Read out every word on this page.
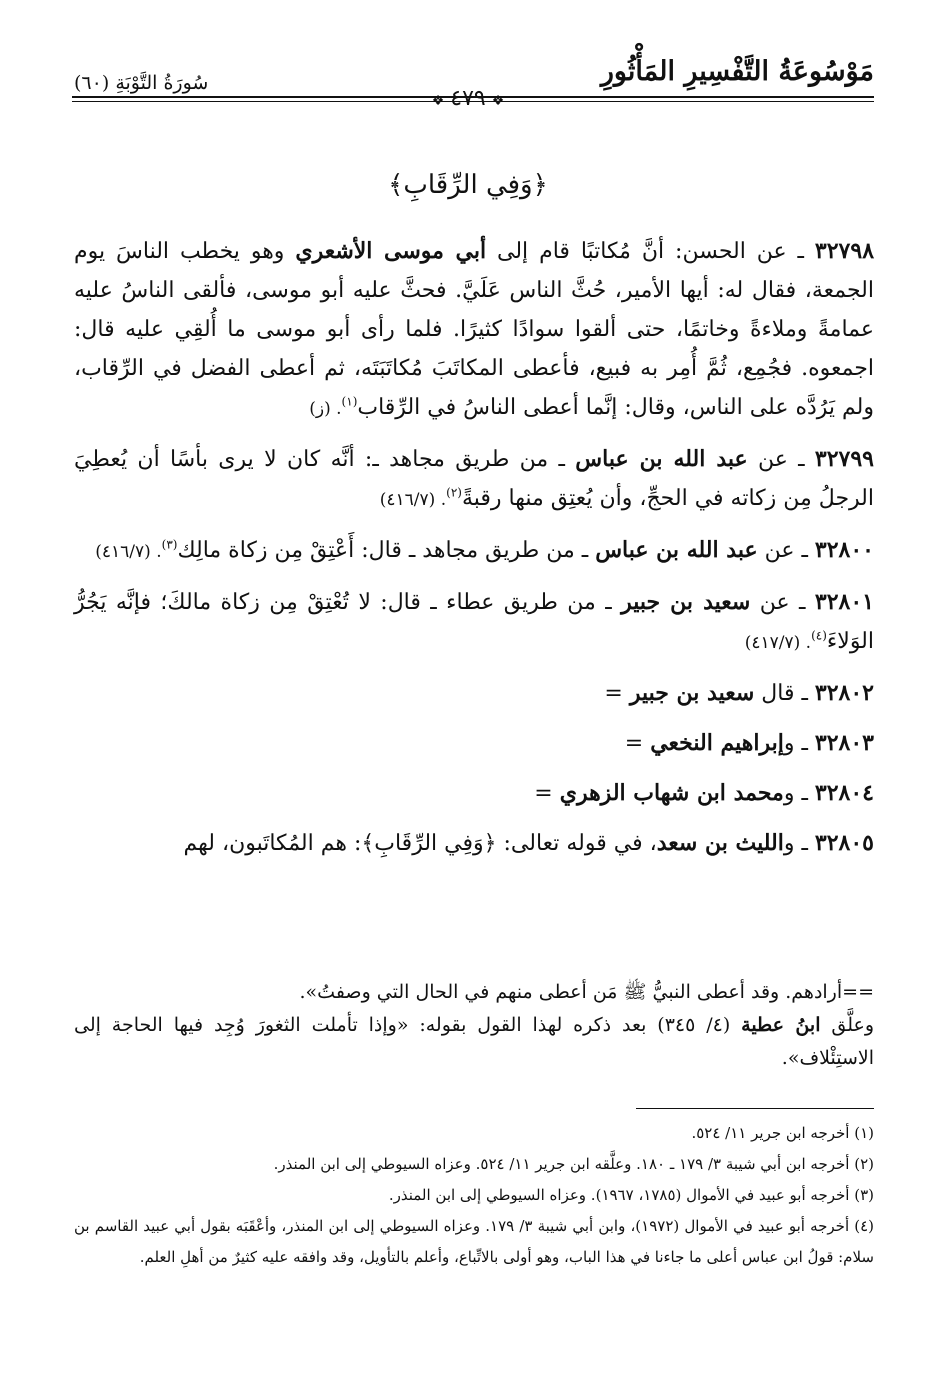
مَوْسُوعَةُ التَّفْسِيرِ المَأْثُورِ
سُورَةُ التَّوْبَةِ (٦٠)
❖٤٧٩❖
﴿وَفِي الرِّقَابِ﴾

٣٢٧٩٨ ـ عن الحسن: أنَّ مُكاتبًا قام إلى أبي موسى الأشعري وهو يخطب الناسَ يوم الجمعة، فقال له: أيها الأمير، حُثَّ الناس عَلَيَّ. فحثَّ عليه أبو موسى، فألقى الناسُ عليه عمامةً وملاءةً وخاتمًا، حتى ألقوا سوادًا كثيرًا. فلما رأى أبو موسى ما أُلقِي عليه قال: اجمعوه. فجُمِع، ثُمَّ أُمِر به فبيع، فأعطى المكاتَبَ مُكاتَبَتَه، ثم أعطى الفضل في الرِّقاب، ولم يَرُدَّه على الناس، وقال: إنَّما أعطى الناسُ في الرِّقاب$^{(١)}$. (ز)

٣٢٧٩٩ ـ عن عبد الله بن عباس ـ من طريق مجاهد ـ: أنَّه كان لا يرى بأسًا أن يُعطِيَ الرجلُ مِن زكاته في الحجِّ، وأن يُعتِق منها رقبةً$^{(٢)}$. (٤١٦/٧)

٣٢٨٠٠ ـ عن عبد الله بن عباس ـ من طريق مجاهد ـ قال: أَعْتِقْ مِن زكاة مالِك$^{(٣)}$. (٤١٦/٧)

٣٢٨٠١ ـ عن سعيد بن جبير ـ من طريق عطاء ـ قال: لا تُعْتِقْ مِن زكاة مالكَ؛ فإنَّه يَجُرُّ الوَلاءَ$^{(٤)}$. (٤١٧/٧)

٣٢٨٠٢ ـ قال سعيد بن جبير =

٣٢٨٠٣ ـ وإبراهيم النخعي =

٣٢٨٠٤ ـ ومحمد ابن شهاب الزهري =

٣٢٨٠٥ ـ والليث بن سعد، في قوله تعالى: ﴿وَفِي الرِّقَابِ﴾: هم المُكاتَبون، لهم

==أرادهم. وقد أعطى النبيُّ ﷺ مَن أعطى منهم في الحال التي وصفتُ».

وعلَّق ابنُ عطية (٤/ ٣٤٥) بعد ذكره لهذا القول بقوله: «وإذا تأملت الثغورَ وُجِد فيها الحاجة إلى الاستِئْلاف».

(١) أخرجه ابن جرير ١١/ ٥٢٤.

(٢) أخرجه ابن أبي شيبة ٣/ ١٧٩ ـ ١٨٠. وعلَّقه ابن جرير ١١/ ٥٢٤. وعزاه السيوطي إلى ابن المنذر.

(٣) أخرجه أبو عبيد في الأموال (١٧٨٥، ١٩٦٧). وعزاه السيوطي إلى ابن المنذر.

(٤) أخرجه أبو عبيد في الأموال (١٩٧٢)، وابن أبي شيبة ٣/ ١٧٩. وعزاه السيوطي إلى ابن المنذر، وأعْقَبَه بقول أبي عبيد القاسم بن سلام: قولُ ابن عباس أعلى ما جاءنا في هذا الباب، وهو أولى بالاتِّباع، وأعلم بالتأويل، وقد وافقه عليه كثيرٌ من أهلِ العلم.
